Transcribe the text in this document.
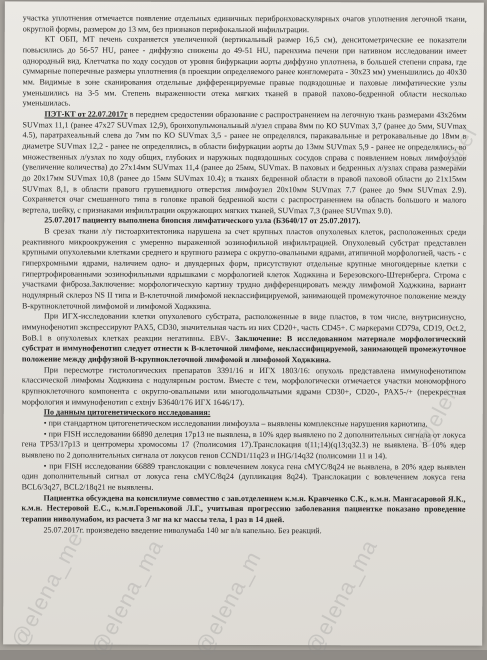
участка уплотнения отмечается появление отдельных единичных перибронховаскулярных очагов уплотнения легочной ткани, округлой формы, размером до 13 мм, без признаков перифокальной инфильтрации.

КТ ОБП, МТ печень сохраняется увеличенной (вертикальный размер 16,5 см), денситометрические ее показатели повысились до 56-57 HU, ранее - диффузно снижены до 49-51 HU, паренхима печени при нативном исследовании имеет однородный вид. Клетчатка по ходу сосудов от уровня бифуркации аорты диффузно уплотнена, в большей степени справа, где суммарные поперечные размеры уплотнения (в проекции определяемого ранее конгломерата - 30х23 мм) уменьшились до 40х30 мм. Видимые в зоне сканирования отдельные дифференцируемые правые подвздошные и паховые лимфатические узлы уменьшились на 3-5 мм. Степень выраженности отека мягких тканей в правой пахово-бедренной области несколько уменьшилась.

ПЭТ-КТ от 22.07.2017г в переднем средостении образование с распространением на легочную ткань размерами 43х26мм SUVmax 11,1 (ранее 47х27 SUVmax 12,9), бронхопульмональный л/узел справа 8мм по КО SUVmax 3,7 (ранее до 5мм, SUVmax 4.5), паратрахеальный слева до 7мм по КО SUVmax 3,5 - ранее не определялся, паракавальные и ретрокавальные до 18мм в диаметре SUVmax 12,2 - ранее не определялись, в области бифуркации аорты до 13мм SUVmax 5,9 - ранее не определялись, во множественных л/узлах по ходу общих, глубоких и наружных подвздошных сосудов справа с появлением новых лимфоузлов (увеличение количества) до 27х14мм SUVmax 11,4 (ранее до 25мм, SUVmax. В паховых и бедренных л/узлах справа размерами до 20х17мм SUVmax 10,8 (ранее до 15мм SUVmax 10.4); в тканях бедренной области в правой паховой области до 21х15мм SUVmax 8,1, в области правого грушевидного отверстия лимфоузел 20х10мм SUVmax 7.7 (ранее до 9мм SUVmax 2.9). Сохраняется очаг смешанного типа в головке правой бедренной кости с распространением на область большого и малого вертела, шейку, с признаками инфильтрации окружающих мягких тканей, SUVmax 7,3 (ранее SUVmax 9.0).

25.07.2017 пациенту выполнена биопсия лимфатического узла (Б3640/17 от 25.07.2017).

В срезах ткани л/у гистоархитектоника нарушена за счет крупных пластов опухолевых клеток, расположенных среди реактивного микроокружения с умеренно выраженной эозинофильной инфильтрацией. Опухолевый субстрат представлен крупными опухолевыми клетками среднего и крупного размера с округло-овальными ядрами, атипичной морфологией, часть - с гиперхромными ядрами, наличием одно- и двуядерных форм, присутствуют отдельные крупные многоядерные клетки с гипертрофированными эозинофильными ядрышками с морфологией клеток Ходжкина и Березовского-Штернберга. Строма с участками фиброза.Заключение: морфологическую картину трудно дифференцировать между лимфомой Ходжкина, вариант нодулярный склероз NS II типа и В-клеточной лимфомой неклассифицируемой, занимающей промежуточное положение между В-крупноклеточной лимфомой и лимфомой Ходжкина.

При ИГХ-исследовании клетки опухолевого субстрата, расположенные в виде пластов, в том числе, внутрисинусно, иммунофенотип экспрессируют PAX5, CD30, значительная часть из них CD20+, часть CD45+. С маркерами CD79a, CD19, Oct.2, BoB.1 в опухолевых клетках реакции негативны. EBV-. Заключение: В исследованном материале морфологический субстрат и иммунофенотип следует отнести к В-клеточной лимфоме, неклассифицируемой, занимающей промежуточное положение между диффузной В-крупноклеточной лимфомой и лимфомой Ходжкина.

При пересмотре гистологических препаратов 3391/16 и ИГХ 1803/16: опухоль представлена иммунофенотипом классической лимфомы Ходжкина с нодулярным ростом. Вместе с тем, морфологически отмечается участки мономорфного крупноклеточного компонента с округло-овальными или многодольчатыми ядрами CD30+, CD20-, PAX5-/+ (перекрестная морфология и иммунофенотип с extнjv Б3640/176 ИГХ 1646/17).

По данным цитогенетического исследования:

• при стандартном цитогенетическом исследовании лимфоузла – выявлены комплексные нарушения кариотипа.

• при FISH исследовании 66890 делеция 17p13 не выявлена, в 10% ядер выявлено по 2 дополнительных сигнала от локуса гена TP53/17p13 и центромеры хромосомы 17 (?полисомия 17).Транслокация t(11;14)(q13;q32.3) не выявлена. В 10% ядер выявлено по 2 дополнительных сигнала от локусов генов CCND1/11q23 и IHG/14q32 (полисомии 11 и 14).

• при FISH исследовании 66889 транслокации с вовлечением локуса гена cMYC/8q24 не выявлена, в 20% ядер выявлен один дополнительный сигнал от локуса гена cMYC/8q24 (дупликация 8q24). Транслокации с вовлечением локуса гена BCL6/3q27, BCL2/18q21 не выявлены.

Пациентка обсуждена на консилиуме совместно с зав.отделением к.м.н. Кравченко С.К., к.м.н. Мангасаровой Я.К., к.м.н. Нестеровой Е.С., к.м.н.Гореньковой Л.Г., учитывая прогрессию заболевания пациентке показано проведение терапии ниволумабом, из расчета 3 мг на кг массы тела, 1 раз в 14 дней.

25.07.2017г. произведено введение ниволумаба 140 мг в/в капельно. Без реакций.

@elena_me
@elena_ma @elena_m @elena_ma
@eler
@el
